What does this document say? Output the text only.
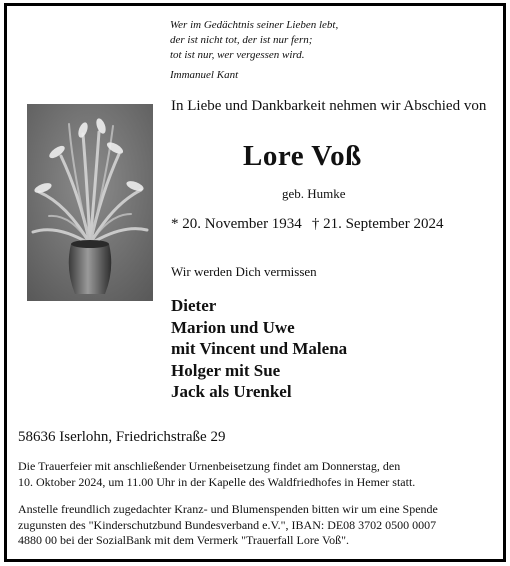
Wer im Gedächtnis seiner Lieben lebt,
der ist nicht tot, der ist nur fern;
tot ist nur, wer vergessen wird.
Immanuel Kant
In Liebe und Dankbarkeit nehmen wir Abschied von
Lore Voß
geb. Humke
* 20. November 1934 † 21. September 2024
Wir werden Dich vermissen
Dieter
Marion und Uwe
mit Vincent und Malena
Holger mit Sue
Jack als Urenkel
58636 Iserlohn, Friedrichstraße 29
Die Trauerfeier mit anschließender Urnenbeisetzung findet am Donnerstag, den
10. Oktober 2024, um 11.00 Uhr in der Kapelle des Waldfriedhofes in Hemer statt.
Anstelle freundlich zugedachter Kranz- und Blumenspenden bitten wir um eine Spende
zugunsten des "Kinderschutzbund Bundesverband e.V.", IBAN: DE08 3702 0500 0007
4880 00 bei der SozialBank mit dem Vermerk "Trauerfall Lore Voß".
